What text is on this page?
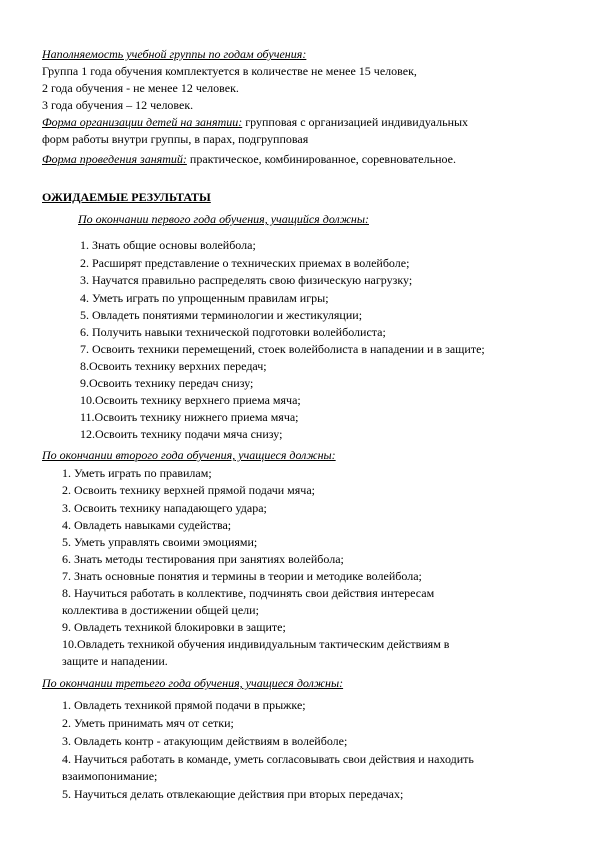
Наполняемость учебной группы по годам обучения:
Группа 1 года обучения комплектуется в количестве не менее 15 человек,
2 года обучения - не менее 12 человек.
3 года обучения – 12 человек.
Форма организации детей на занятии: групповая с организацией индивидуальных
форм работы внутри группы, в парах, подгрупповая
Форма проведения занятий: практическое, комбинированное, соревновательное.
ОЖИДАЕМЫЕ РЕЗУЛЬТАТЫ
По окончании первого года обучения, учащийся должны:
1. Знать общие основы волейбола;
2. Расширят представление о технических приемах в волейболе;
3. Научатся правильно распределять свою физическую нагрузку;
4. Уметь играть по упрощенным правилам игры;
5. Овладеть понятиями терминологии и жестикуляции;
6. Получить навыки технической подготовки волейболиста;
7. Освоить техники перемещений, стоек волейболиста в нападении и в защите;
8.Освоить технику верхних передач;
9.Освоить технику передач снизу;
10.Освоить технику верхнего приема мяча;
11.Освоить технику нижнего приема мяча;
12.Освоить технику подачи мяча снизу;
По окончании второго года обучения, учащиеся должны:
1. Уметь играть по правилам;
2. Освоить технику верхней прямой подачи мяча;
3. Освоить технику нападающего удара;
4. Овладеть навыками судейства;
5. Уметь управлять своими эмоциями;
6. Знать методы тестирования при занятиях волейбола;
7. Знать основные понятия и термины в теории и методике волейбола;
8. Научиться работать в коллективе, подчинять свои действия интересам
коллектива в достижении общей цели;
9. Овладеть техникой блокировки в защите;
10.Овладеть техникой обучения индивидуальным тактическим действиям в
защите и нападении.
По окончании третьего года обучения, учащиеся должны:
1. Овладеть техникой прямой подачи в прыжке;
2. Уметь принимать мяч от сетки;
3. Овладеть контр - атакующим действиям в волейболе;
4. Научиться работать в команде, уметь согласовывать свои действия и находить
взаимопонимание;
5. Научиться делать отвлекающие действия при вторых передачах;
